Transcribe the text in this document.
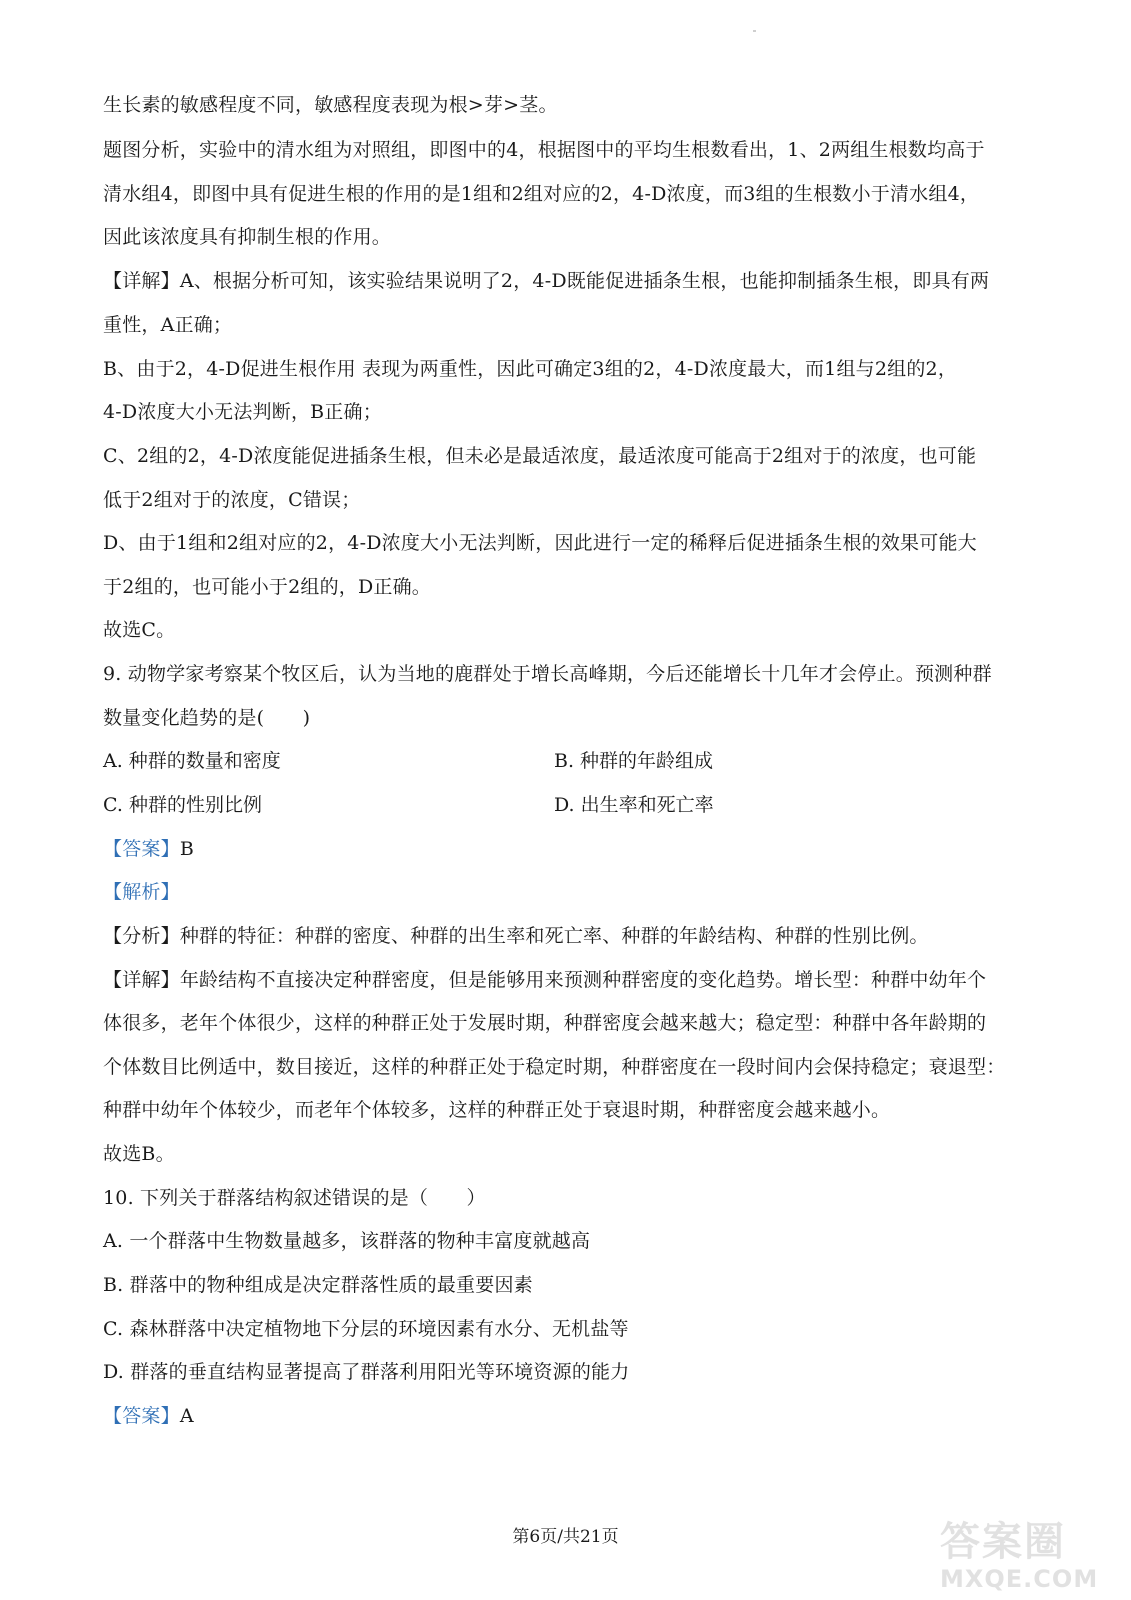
生长素的敏感程度不同，敏感程度表现为根>芽>茎。
题图分析，实验中的清水组为对照组，即图中的4，根据图中的平均生根数看出，1、2两组生根数均高于
清水组4，即图中具有促进生根的作用的是1组和2组对应的2，4-D浓度，而3组的生根数小于清水组4，
因此该浓度具有抑制生根的作用。
【详解】A、根据分析可知，该实验结果说明了2，4-D既能促进插条生根，也能抑制插条生根，即具有两
重性，A正确；
B、由于2，4-D促进生根作用 表现为两重性，因此可确定3组的2，4-D浓度最大，而1组与2组的2，
4-D浓度大小无法判断，B正确；
C、2组的2，4-D浓度能促进插条生根，但未必是最适浓度，最适浓度可能高于2组对于的浓度，也可能
低于2组对于的浓度，C错误；
D、由于1组和2组对应的2，4-D浓度大小无法判断，因此进行一定的稀释后促进插条生根的效果可能大
于2组的，也可能小于2组的，D正确。
故选C。
9. 动物学家考察某个牧区后，认为当地的鹿群处于增长高峰期，今后还能增长十几年才会停止。预测种群
数量变化趋势的是(　　)
A. 种群的数量和密度	B. 种群的年龄组成
C. 种群的性别比例	D. 出生率和死亡率
【答案】B
【解析】
【分析】种群的特征：种群的密度、种群的出生率和死亡率、种群的年龄结构、种群的性别比例。
【详解】年龄结构不直接决定种群密度，但是能够用来预测种群密度的变化趋势。增长型：种群中幼年个
体很多，老年个体很少，这样的种群正处于发展时期，种群密度会越来越大；稳定型：种群中各年龄期的
个体数目比例适中，数目接近，这样的种群正处于稳定时期，种群密度在一段时间内会保持稳定；衰退型：
种群中幼年个体较少，而老年个体较多，这样的种群正处于衰退时期，种群密度会越来越小。
故选B。
10. 下列关于群落结构叙述错误的是（　　）
A. 一个群落中生物数量越多，该群落的物种丰富度就越高
B. 群落中的物种组成是决定群落性质的最重要因素
C. 森林群落中决定植物地下分层的环境因素有水分、无机盐等
D. 群落的垂直结构显著提高了群落利用阳光等环境资源的能力
【答案】A
第6页/共21页	答案圈
MXQE.COM
